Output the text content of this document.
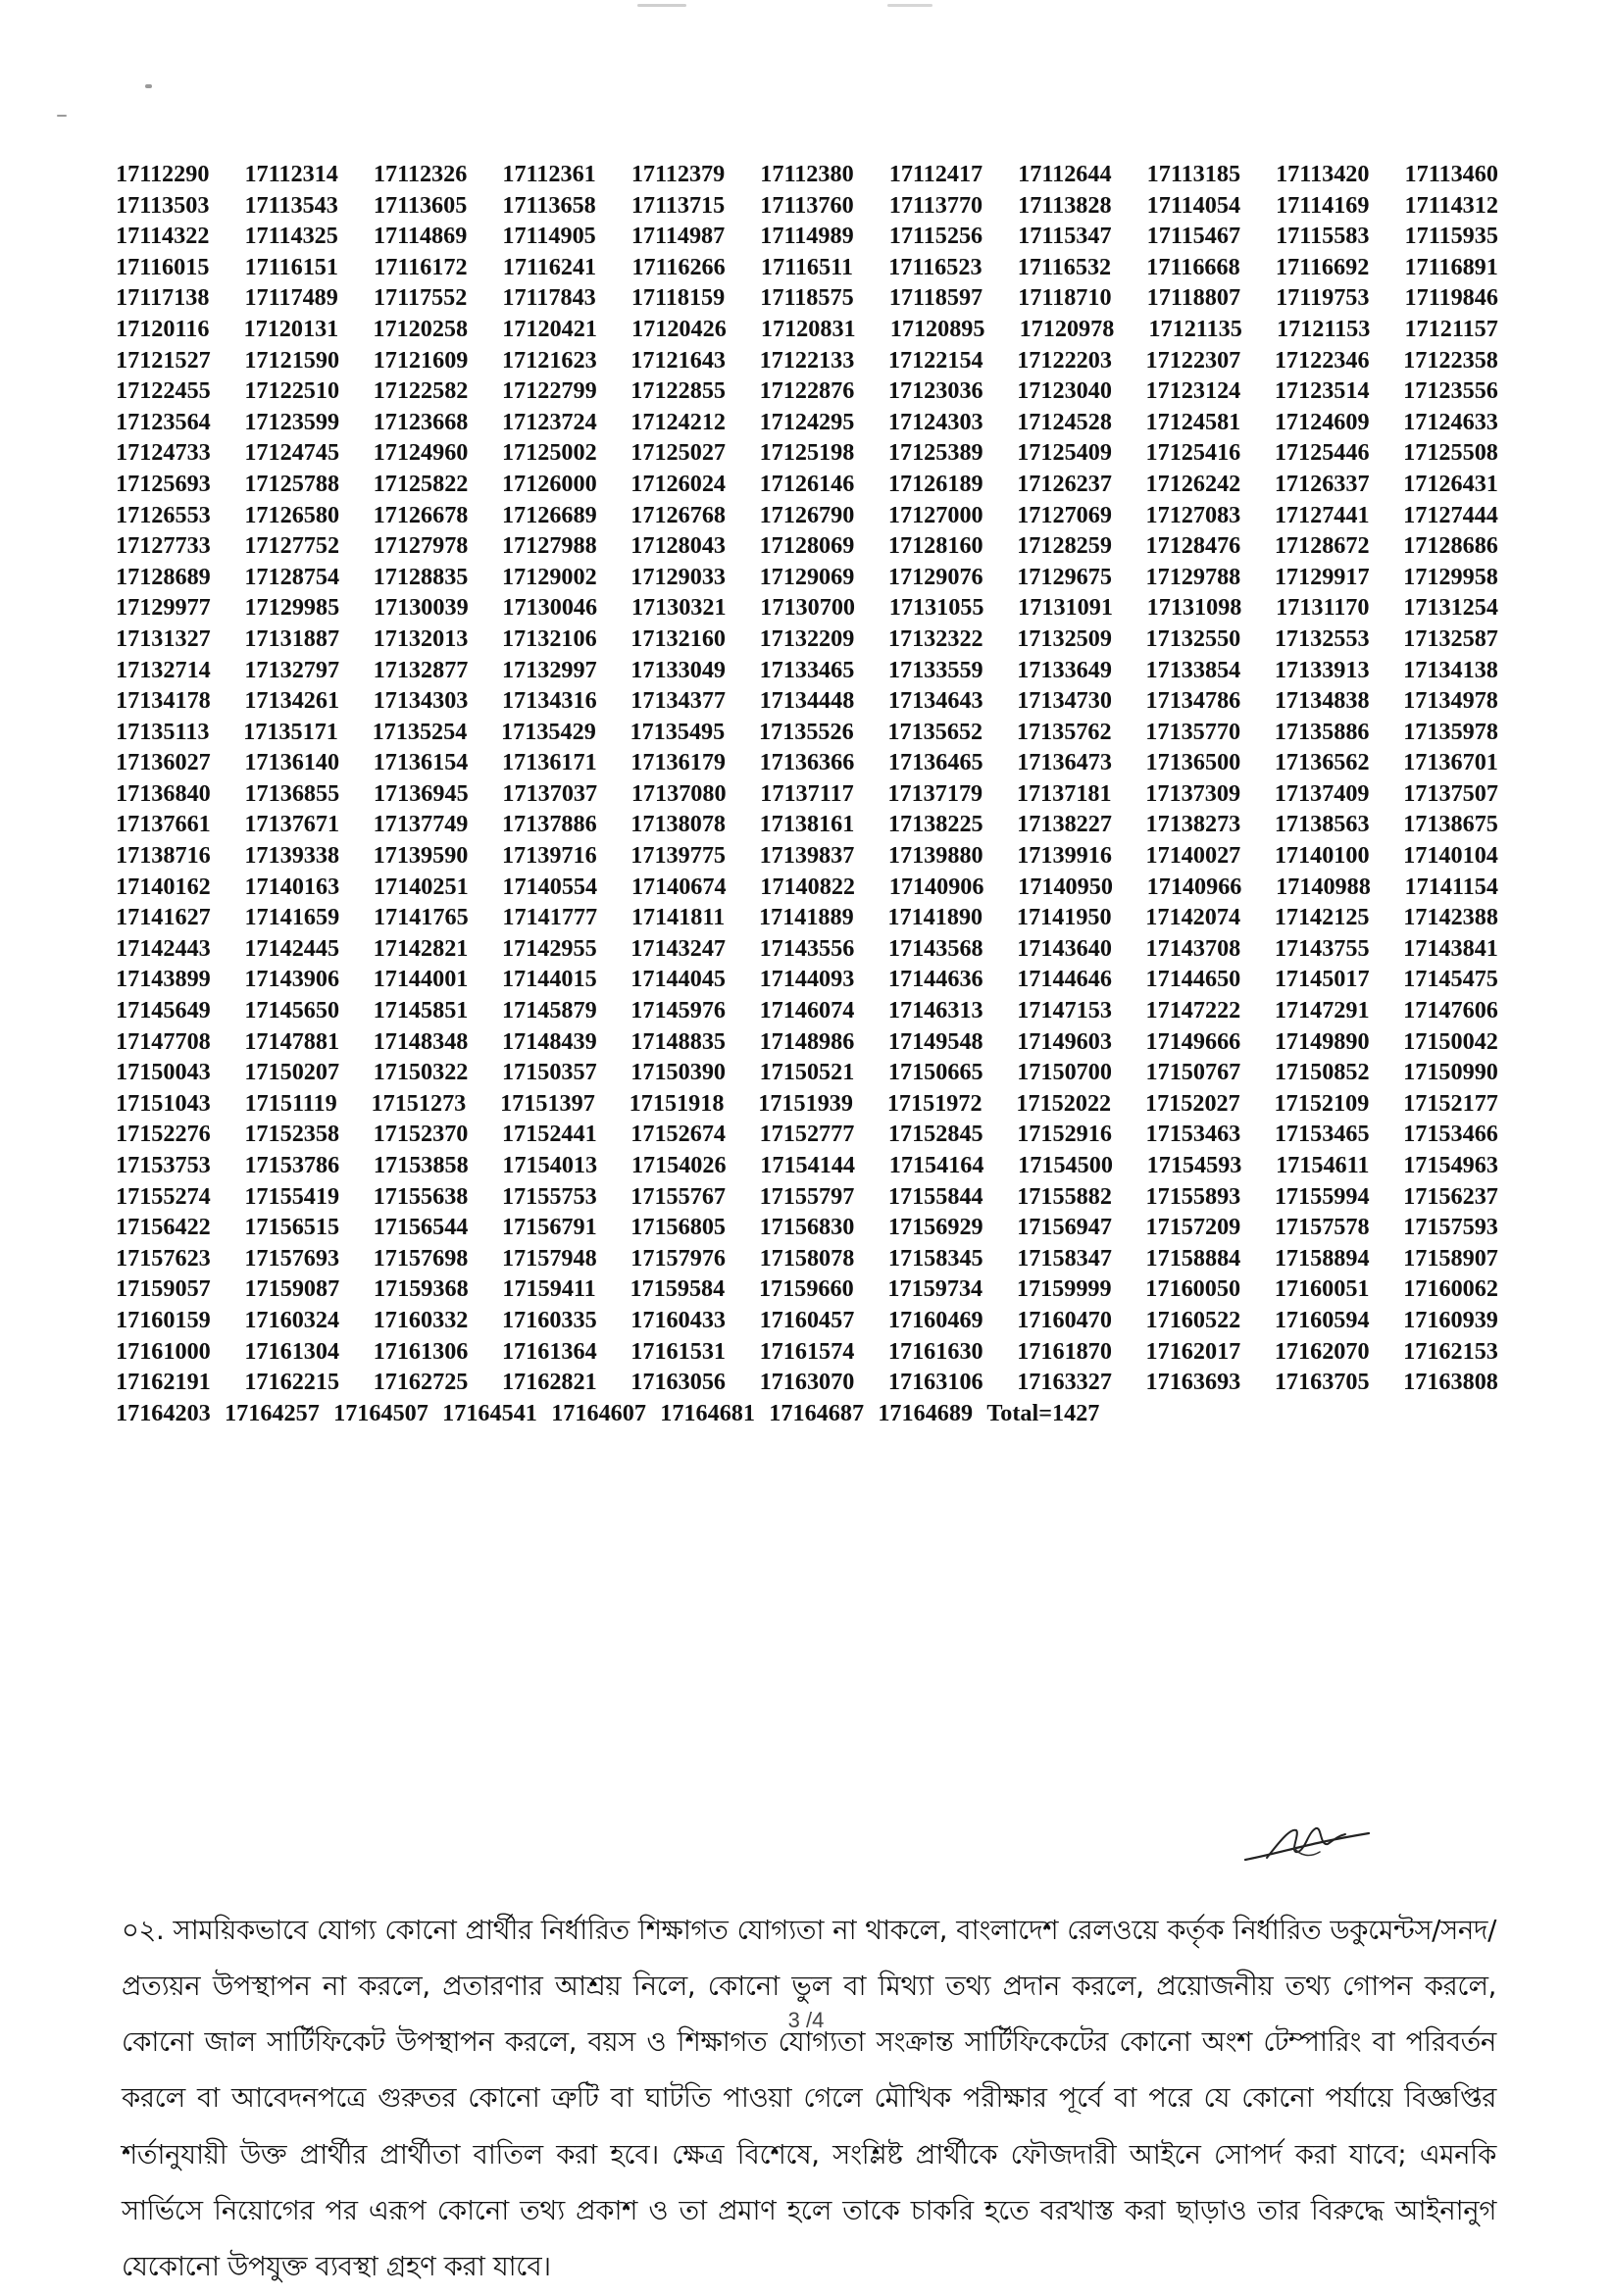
17112290 17112314 17112326 17112361 17112379 17112380 17112417 17112644 17113185 17113420 17113460
17113503 17113543 17113605 17113658 17113715 17113760 17113770 17113828 17114054 17114169 17114312
17114322 17114325 17114869 17114905 17114987 17114989 17115256 17115347 17115467 17115583 17115935
17116015 17116151 17116172 17116241 17116266 17116511 17116523 17116532 17116668 17116692 17116891
17117138 17117489 17117552 17117843 17118159 17118575 17118597 17118710 17118807 17119753 17119846
17120116 17120131 17120258 17120421 17120426 17120831 17120895 17120978 17121135 17121153 17121157
17121527 17121590 17121609 17121623 17121643 17122133 17122154 17122203 17122307 17122346 17122358
17122455 17122510 17122582 17122799 17122855 17122876 17123036 17123040 17123124 17123514 17123556
17123564 17123599 17123668 17123724 17124212 17124295 17124303 17124528 17124581 17124609 17124633
17124733 17124745 17124960 17125002 17125027 17125198 17125389 17125409 17125416 17125446 17125508
17125693 17125788 17125822 17126000 17126024 17126146 17126189 17126237 17126242 17126337 17126431
17126553 17126580 17126678 17126689 17126768 17126790 17127000 17127069 17127083 17127441 17127444
17127733 17127752 17127978 17127988 17128043 17128069 17128160 17128259 17128476 17128672 17128686
17128689 17128754 17128835 17129002 17129033 17129069 17129076 17129675 17129788 17129917 17129958
17129977 17129985 17130039 17130046 17130321 17130700 17131055 17131091 17131098 17131170 17131254
17131327 17131887 17132013 17132106 17132160 17132209 17132322 17132509 17132550 17132553 17132587
17132714 17132797 17132877 17132997 17133049 17133465 17133559 17133649 17133854 17133913 17134138
17134178 17134261 17134303 17134316 17134377 17134448 17134643 17134730 17134786 17134838 17134978
17135113 17135171 17135254 17135429 17135495 17135526 17135652 17135762 17135770 17135886 17135978
17136027 17136140 17136154 17136171 17136179 17136366 17136465 17136473 17136500 17136562 17136701
17136840 17136855 17136945 17137037 17137080 17137117 17137179 17137181 17137309 17137409 17137507
17137661 17137671 17137749 17137886 17138078 17138161 17138225 17138227 17138273 17138563 17138675
17138716 17139338 17139590 17139716 17139775 17139837 17139880 17139916 17140027 17140100 17140104
17140162 17140163 17140251 17140554 17140674 17140822 17140906 17140950 17140966 17140988 17141154
17141627 17141659 17141765 17141777 17141811 17141889 17141890 17141950 17142074 17142125 17142388
17142443 17142445 17142821 17142955 17143247 17143556 17143568 17143640 17143708 17143755 17143841
17143899 17143906 17144001 17144015 17144045 17144093 17144636 17144646 17144650 17145017 17145475
17145649 17145650 17145851 17145879 17145976 17146074 17146313 17147153 17147222 17147291 17147606
17147708 17147881 17148348 17148439 17148835 17148986 17149548 17149603 17149666 17149890 17150042
17150043 17150207 17150322 17150357 17150390 17150521 17150665 17150700 17150767 17150852 17150990
17151043 17151119 17151273 17151397 17151918 17151939 17151972 17152022 17152027 17152109 17152177
17152276 17152358 17152370 17152441 17152674 17152777 17152845 17152916 17153463 17153465 17153466
17153753 17153786 17153858 17154013 17154026 17154144 17154164 17154500 17154593 17154611 17154963
17155274 17155419 17155638 17155753 17155767 17155797 17155844 17155882 17155893 17155994 17156237
17156422 17156515 17156544 17156791 17156805 17156830 17156929 17156947 17157209 17157578 17157593
17157623 17157693 17157698 17157948 17157976 17158078 17158345 17158347 17158884 17158894 17158907
17159057 17159087 17159368 17159411 17159584 17159660 17159734 17159999 17160050 17160051 17160062
17160159 17160324 17160332 17160335 17160433 17160457 17160469 17160470 17160522 17160594 17160939
17161000 17161304 17161306 17161364 17161531 17161574 17161630 17161870 17162017 17162070 17162153
17162191 17162215 17162725 17162821 17163056 17163070 17163106 17163327 17163693 17163705 17163808
17164203 17164257 17164507 17164541 17164607 17164681 17164687 17164689 Total=1427

০২. সাময়িকভাবে যোগ্য কোনো প্রার্থীর নির্ধারিত শিক্ষাগত যোগ্যতা না থাকলে, বাংলাদেশ রেলওয়ে কর্তৃক নির্ধারিত ডকুমেন্টস/সনদ/প্রত্যয়ন উপস্থাপন না করলে, প্রতারণার আশ্রয় নিলে, কোনো ভুল বা মিথ্যা তথ্য প্রদান করলে, প্রয়োজনীয় তথ্য গোপন করলে, কোনো জাল সার্টিফিকেট উপস্থাপন করলে, বয়স ও শিক্ষাগত যোগ্যতা সংক্রান্ত সার্টিফিকেটের কোনো অংশ টেম্পারিং বা পরিবর্তন করলে বা আবেদনপত্রে গুরুতর কোনো ত্রুটি বা ঘাটতি পাওয়া গেলে মৌখিক পরীক্ষার পূর্বে বা পরে যে কোনো পর্যায়ে বিজ্ঞপ্তির শর্তানুযায়ী উক্ত প্রার্থীর প্রার্থীতা বাতিল করা হবে। ক্ষেত্র বিশেষে, সংশ্লিষ্ট প্রার্থীকে ফৌজদারী আইনে সোপর্দ করা যাবে; এমনকি সার্ভিসে নিয়োগের পর এরূপ কোনো তথ্য প্রকাশ ও তা প্রমাণ হলে তাকে চাকরি হতে বরখাস্ত করা ছাড়াও তার বিরুদ্ধে আইনানুগ যেকোনো উপযুক্ত ব্যবস্থা গ্রহণ করা যাবে।

3 /4
